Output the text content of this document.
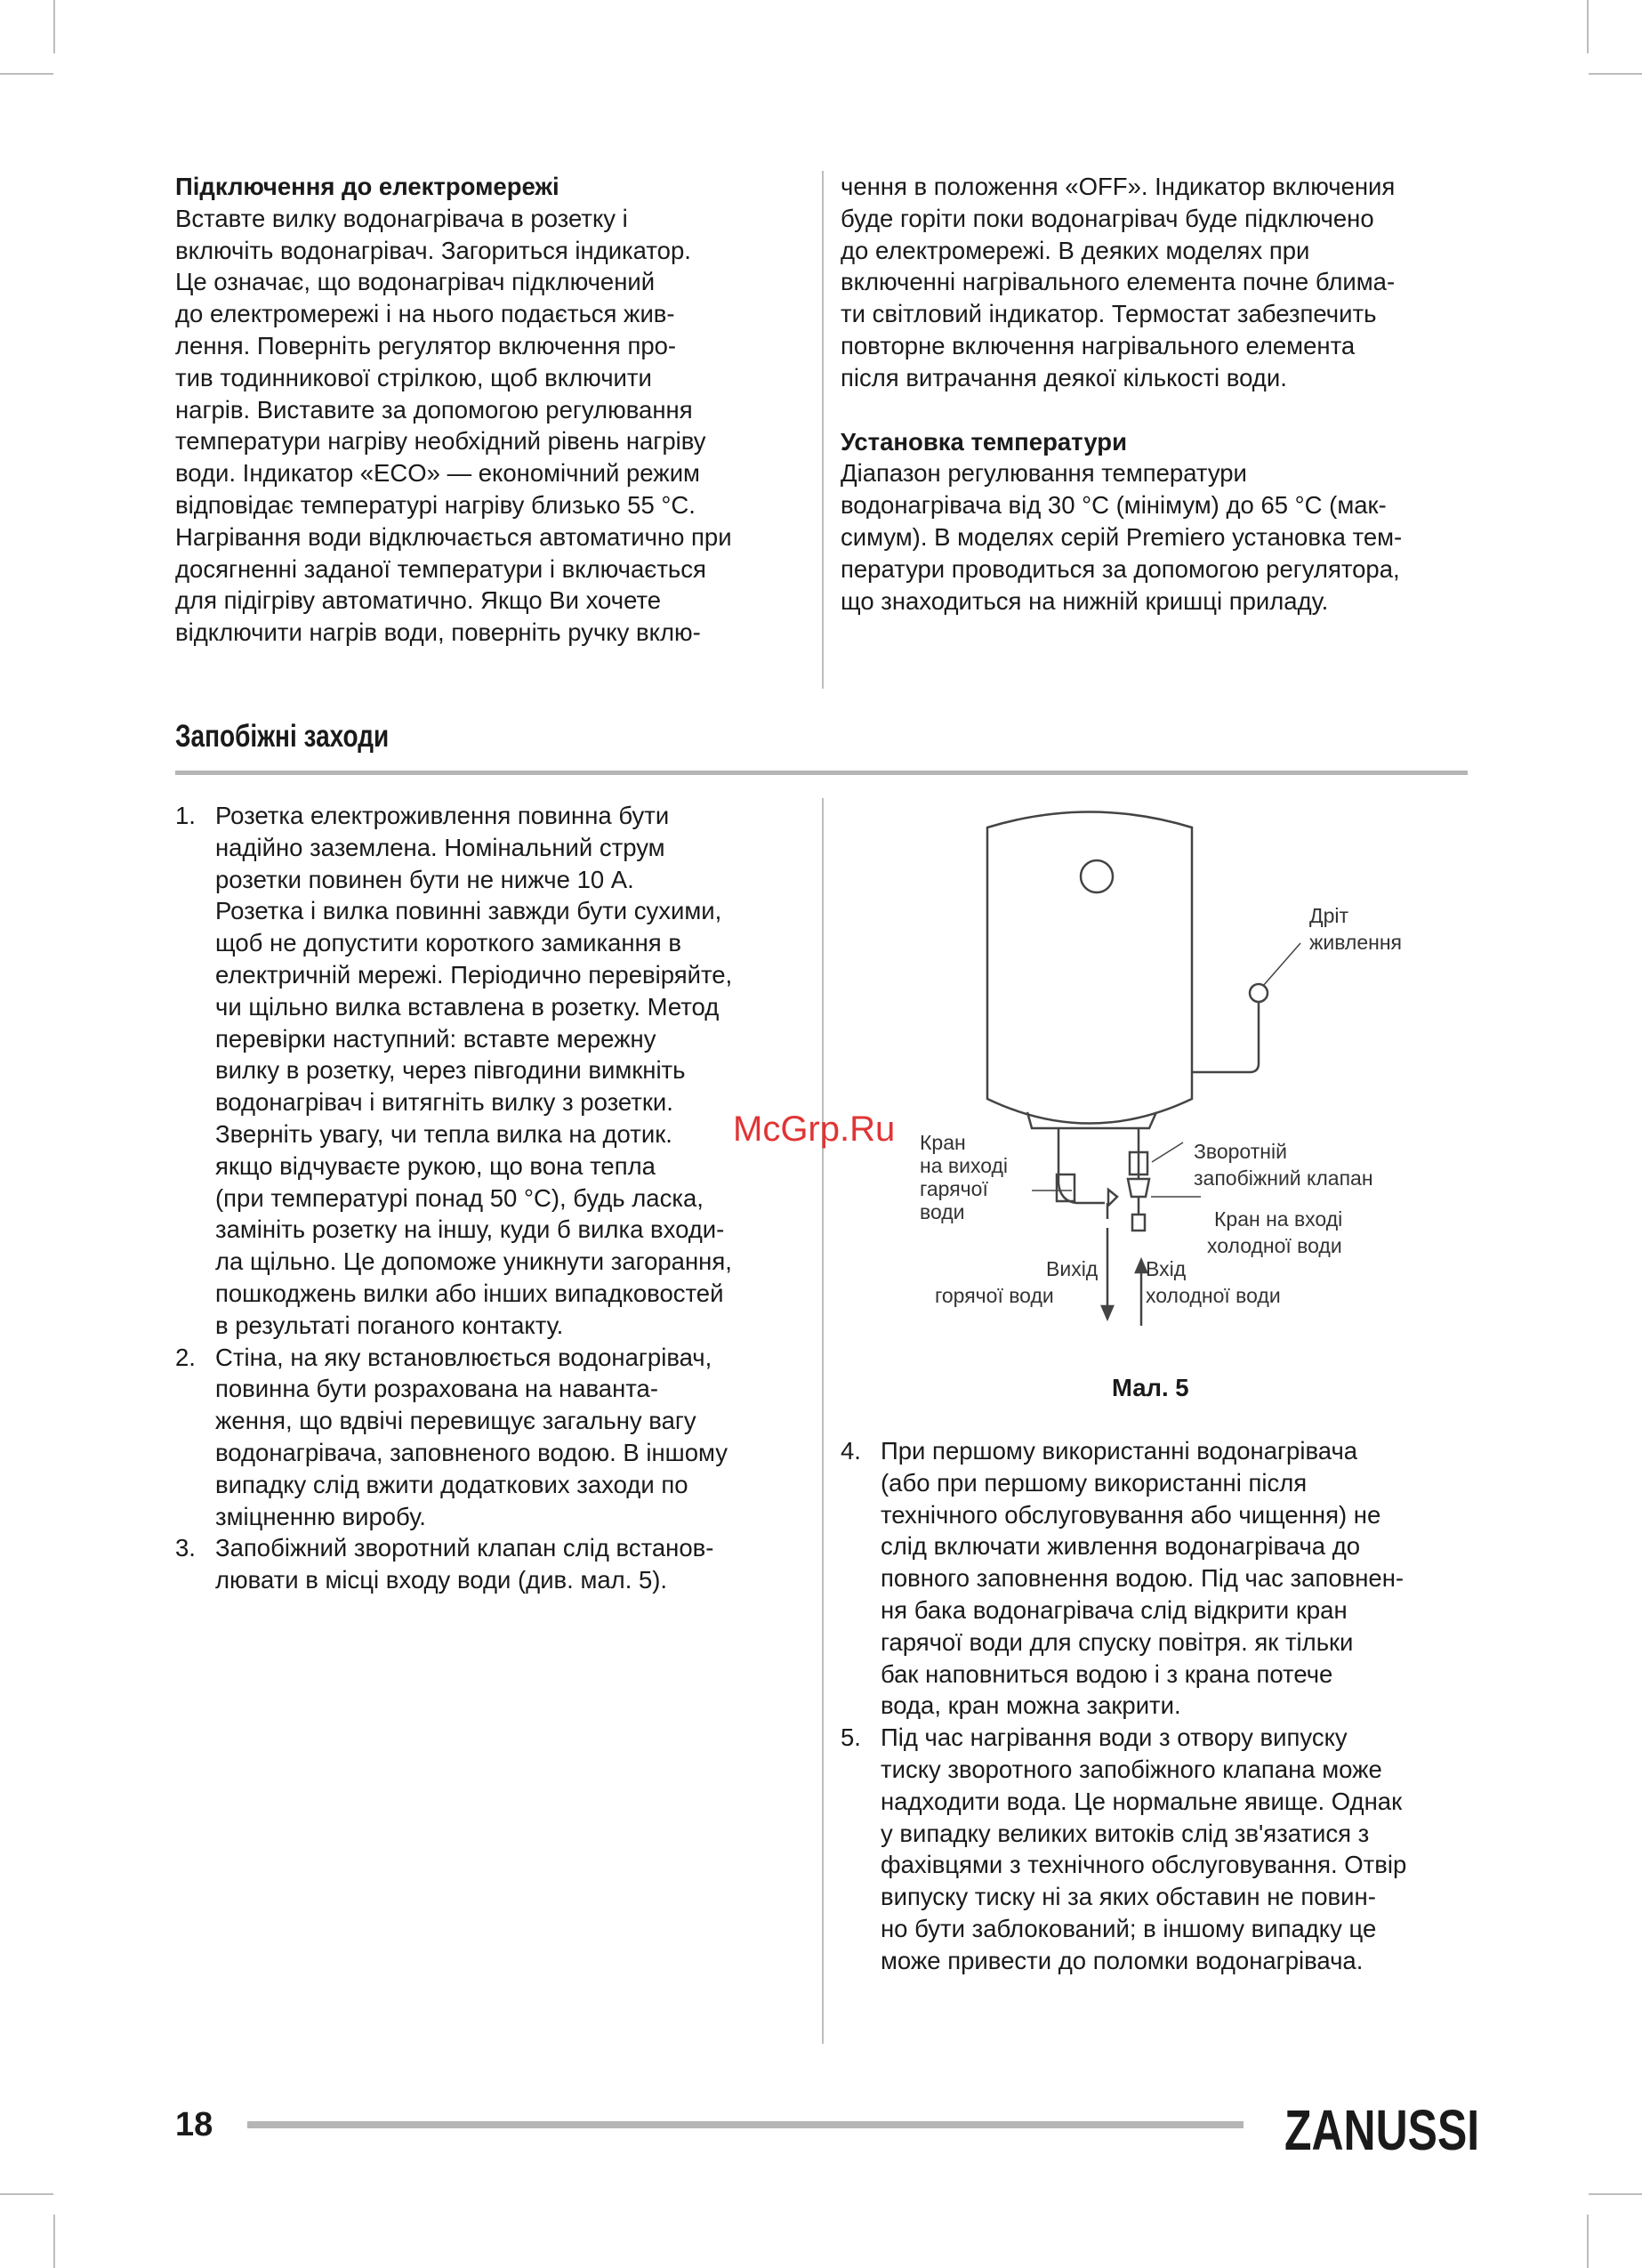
Підключення до електромережі

Вставте вилку водонагрівача в розетку і

включіть водонагрівач. Загориться індикатор.

Це означає, що водонагрівач підключений

до електромережі і на нього подається жив-

лення. Поверніть регулятор включення про-

тив тодинникової стрілкою, щоб включити

нагрів. Виставите за допомогою регулювання

температури нагріву необхідний рівень нагріву

води. Індикатор «ECO» — економічний режим

відповідає температурі нагріву близько 55 °С.

Нагрівання води відключається автоматично при

досягненні заданої температури і включається

для підігріву автоматично. Якщо Ви хочете

відключити нагрів води, поверніть ручку вклю-

чення в положення «OFF». Індикатор включения

буде горіти поки водонагрівач буде підключено

до електромережі. В деяких моделях при

включенні нагрівального елемента почне блима-

ти світловий індикатор. Термостат забезпечить

повторне включення нагрівального елемента

після витрачання деякої кількості води.

Установка температури

Діапазон регулювання температури

водонагрівача від 30 °С (мінімум) до 65 °С (мак-

симум). В моделях серій Premiero установка тем-

ператури проводиться за допомогою регулятора,

що знаходиться на нижній кришці приладу.

Запобіжні заходи
1. Розетка електроживлення повинна бути

надійно заземлена. Номінальний струм

розетки повинен бути не нижче 10 А.

Розетка і вилка повинні завжди бути сухими,

щоб не допустити короткого замикання в

електричній мережі. Періодично перевіряйте,

чи щільно вилка вставлена в розетку. Метод

перевірки наступний: вставте мережну

вилку в розетку, через півгодини вимкніть

водонагрівач і витягніть вилку з розетки.

Зверніть увагу, чи тепла вилка на дотик.

якщо відчуваєте рукою, що вона тепла

(при температурі понад 50 °С), будь ласка,

замініть розетку на іншу, куди б вилка входи-

ла щільно. Це допоможе уникнути загорання,

пошкоджень вилки або інших випадковостей

в результаті поганого контакту.

2. Стіна, на яку встановлюється водонагрівач,

повинна бути розрахована на наванта-

ження, що вдвічі перевищує загальну вагу

водонагрівача, заповненого водою. В іншому

випадку слід вжити додаткових заходи по

зміцненню виробу.

3. Запобіжний зворотний клапан слід встанов-

лювати в місці входу води (див. мал. 5).

Дріт живлення
Кран на виході гарячої води
Зворотній запобіжний клапан
Кран на вході холодної води
Вихід горячої води
Вхід холодної води
McGrp.Ru
Мал. 5
4. При першому використанні водонагрівача

(або при першому використанні після

технічного обслуговування або чищення) не

слід включати живлення водонагрівача до

повного заповнення водою. Під час заповнен-

ня бака водонагрівача слід відкрити кран

гарячої води для спуску повітря. як тільки

бак наповниться водою і з крана потече

вода, кран можна закрити.

5. Під час нагрівання води з отвору випуску

тиску зворотного запобіжного клапана може

надходити вода. Це нормальне явище. Однак

у випадку великих витоків слід зв'язатися з

фахівцями з технічного обслуговування. Отвір

випуску тиску ні за яких обставин не повин-

но бути заблокований; в іншому випадку це

може привести до поломки водонагрівача.

18	ZANUSSI
